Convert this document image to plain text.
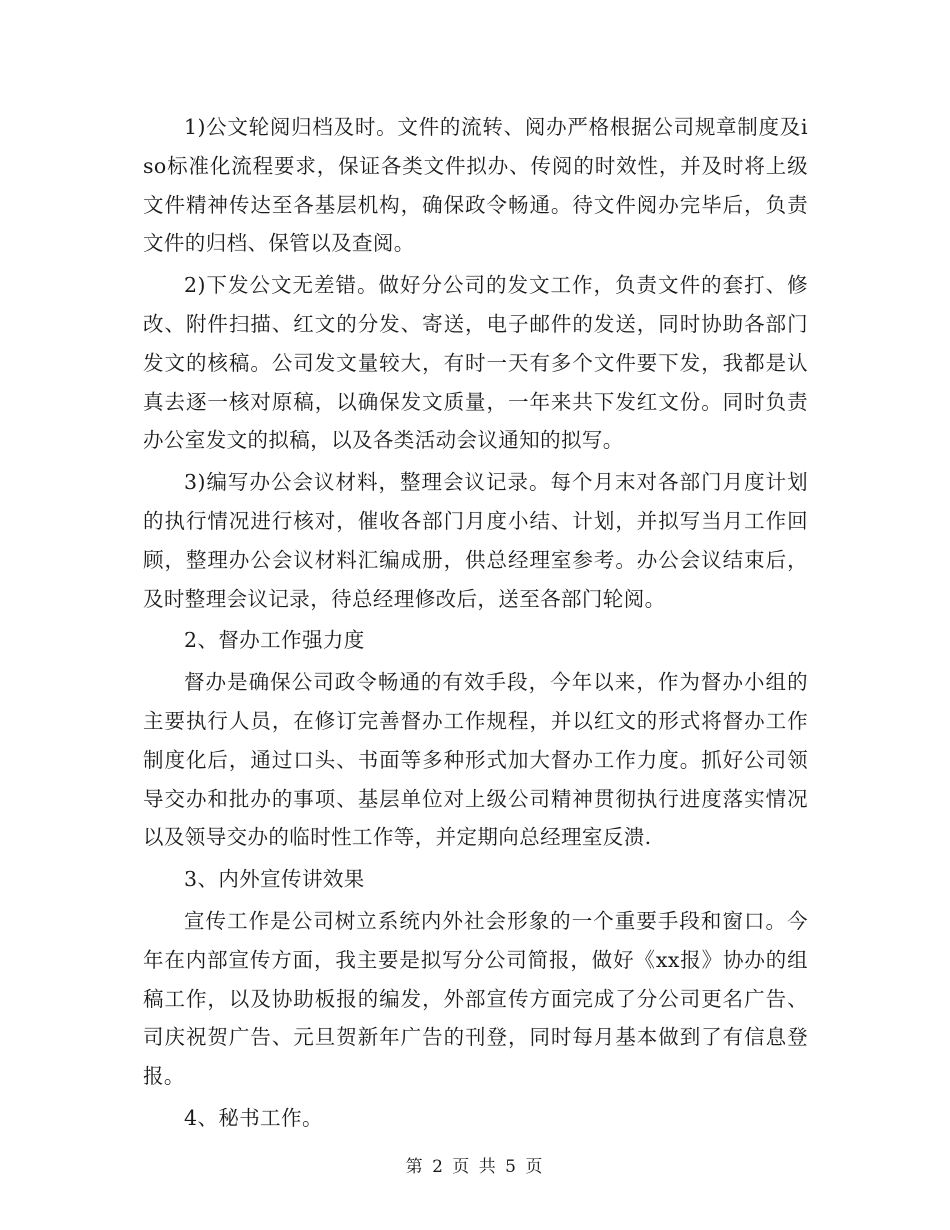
1)公文轮阅归档及时。文件的流转、阅办严格根据公司规章制度及iso标准化流程要求，保证各类文件拟办、传阅的时效性，并及时将上级文件精神传达至各基层机构，确保政令畅通。待文件阅办完毕后，负责文件的归档、保管以及查阅。

2)下发公文无差错。做好分公司的发文工作，负责文件的套打、修改、附件扫描、红文的分发、寄送，电子邮件的发送，同时协助各部门发文的核稿。公司发文量较大，有时一天有多个文件要下发，我都是认真去逐一核对原稿，以确保发文质量，一年来共下发红文份。同时负责办公室发文的拟稿，以及各类活动会议通知的拟写。

3)编写办公会议材料，整理会议记录。每个月末对各部门月度计划的执行情况进行核对，催收各部门月度小结、计划，并拟写当月工作回顾，整理办公会议材料汇编成册，供总经理室参考。办公会议结束后，及时整理会议记录，待总经理修改后，送至各部门轮阅。

2、督办工作强力度

督办是确保公司政令畅通的有效手段，今年以来，作为督办小组的主要执行人员，在修订完善督办工作规程，并以红文的形式将督办工作制度化后，通过口头、书面等多种形式加大督办工作力度。抓好公司领导交办和批办的事项、基层单位对上级公司精神贯彻执行进度落实情况以及领导交办的临时性工作等，并定期向总经理室反溃.

3、内外宣传讲效果

宣传工作是公司树立系统内外社会形象的一个重要手段和窗口。今年在内部宣传方面，我主要是拟写分公司简报，做好《xx报》协办的组稿工作，以及协助板报的编发，外部宣传方面完成了分公司更名广告、司庆祝贺广告、元旦贺新年广告的刊登，同时每月基本做到了有信息登报。

4、秘书工作。

第 2 页 共 5 页
